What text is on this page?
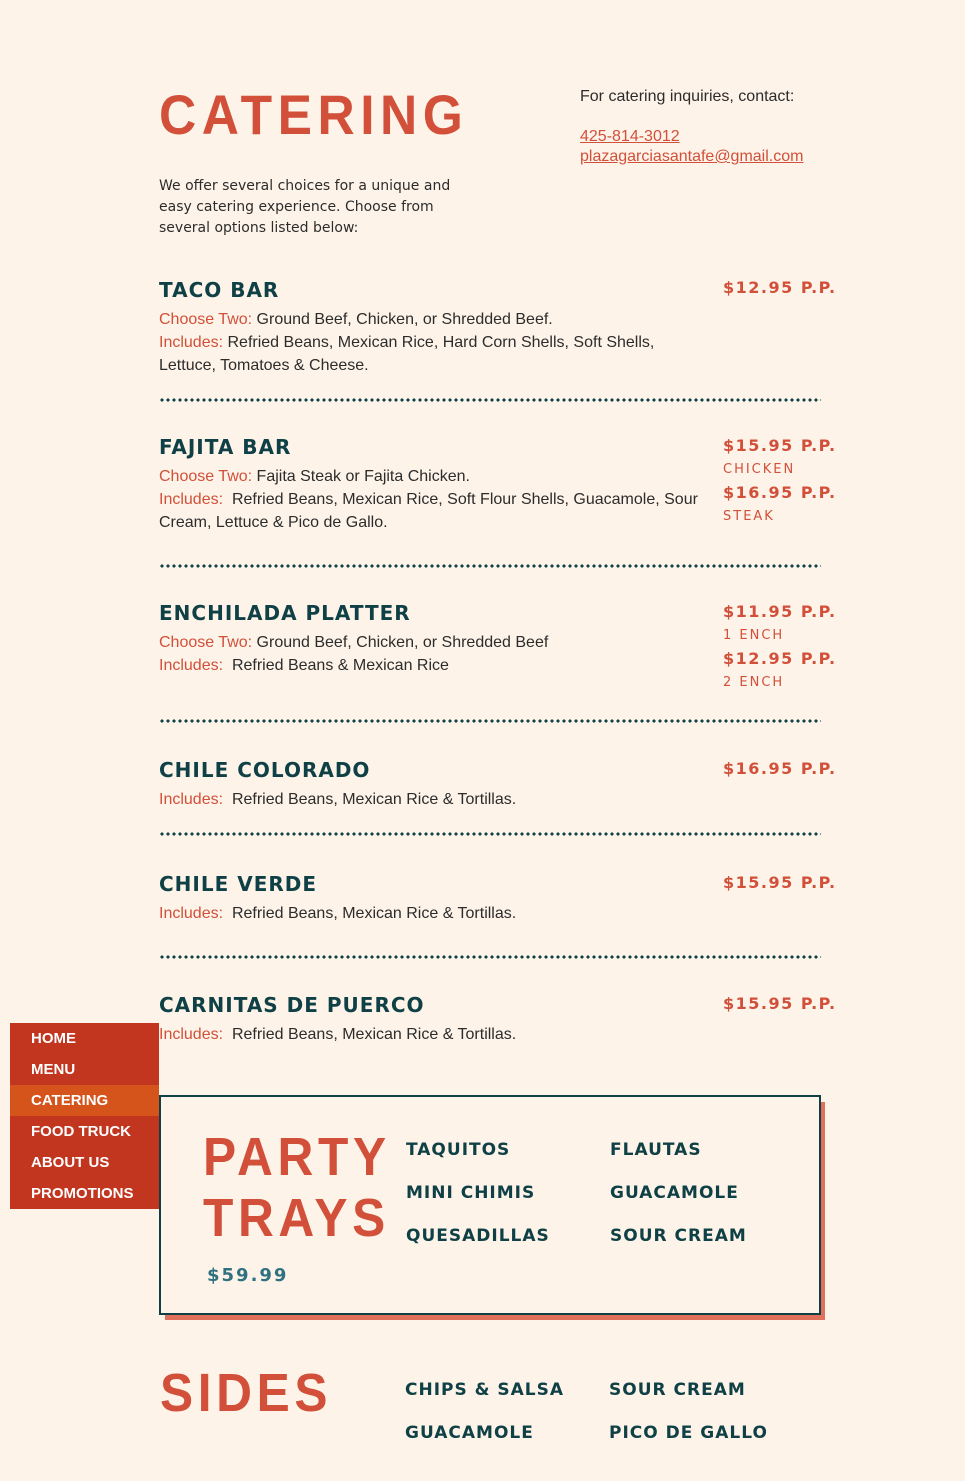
CATERING
We offer several choices for a unique and easy catering experience. Choose from several options listed below:
For catering inquiries, contact:
425-814-3012
plazagarciasantafe@gmail.com
TACO BAR
Choose Two: Ground Beef, Chicken, or Shredded Beef.
Includes: Refried Beans, Mexican Rice, Hard Corn Shells, Soft Shells, Lettuce, Tomatoes & Cheese.
$12.95 P.P.
FAJITA BAR
Choose Two: Fajita Steak or Fajita Chicken.
Includes: Refried Beans, Mexican Rice, Soft Flour Shells, Guacamole, Sour Cream, Lettuce & Pico de Gallo.
$15.95 P.P.
CHICKEN
$16.95 P.P.
STEAK
ENCHILADA PLATTER
Choose Two: Ground Beef, Chicken, or Shredded Beef
Includes: Refried Beans & Mexican Rice
$11.95 P.P.
1 ENCH
$12.95 P.P.
2 ENCH
CHILE COLORADO
Includes: Refried Beans, Mexican Rice & Tortillas.
$16.95 P.P.
CHILE VERDE
Includes: Refried Beans, Mexican Rice & Tortillas.
$15.95 P.P.
CARNITAS DE PUERCO
Includes: Refried Beans, Mexican Rice & Tortillas.
$15.95 P.P.
HOME
MENU
CATERING
FOOD TRUCK
ABOUT US
PROMOTIONS
PARTY
TRAYS
$59.99
TAQUITOS	FLAUTAS
MINI CHIMIS	GUACAMOLE
QUESADILLAS	SOUR CREAM
SIDES	CHIPS & SALSA	SOUR CREAM
GUACAMOLE	PICO DE GALLO
